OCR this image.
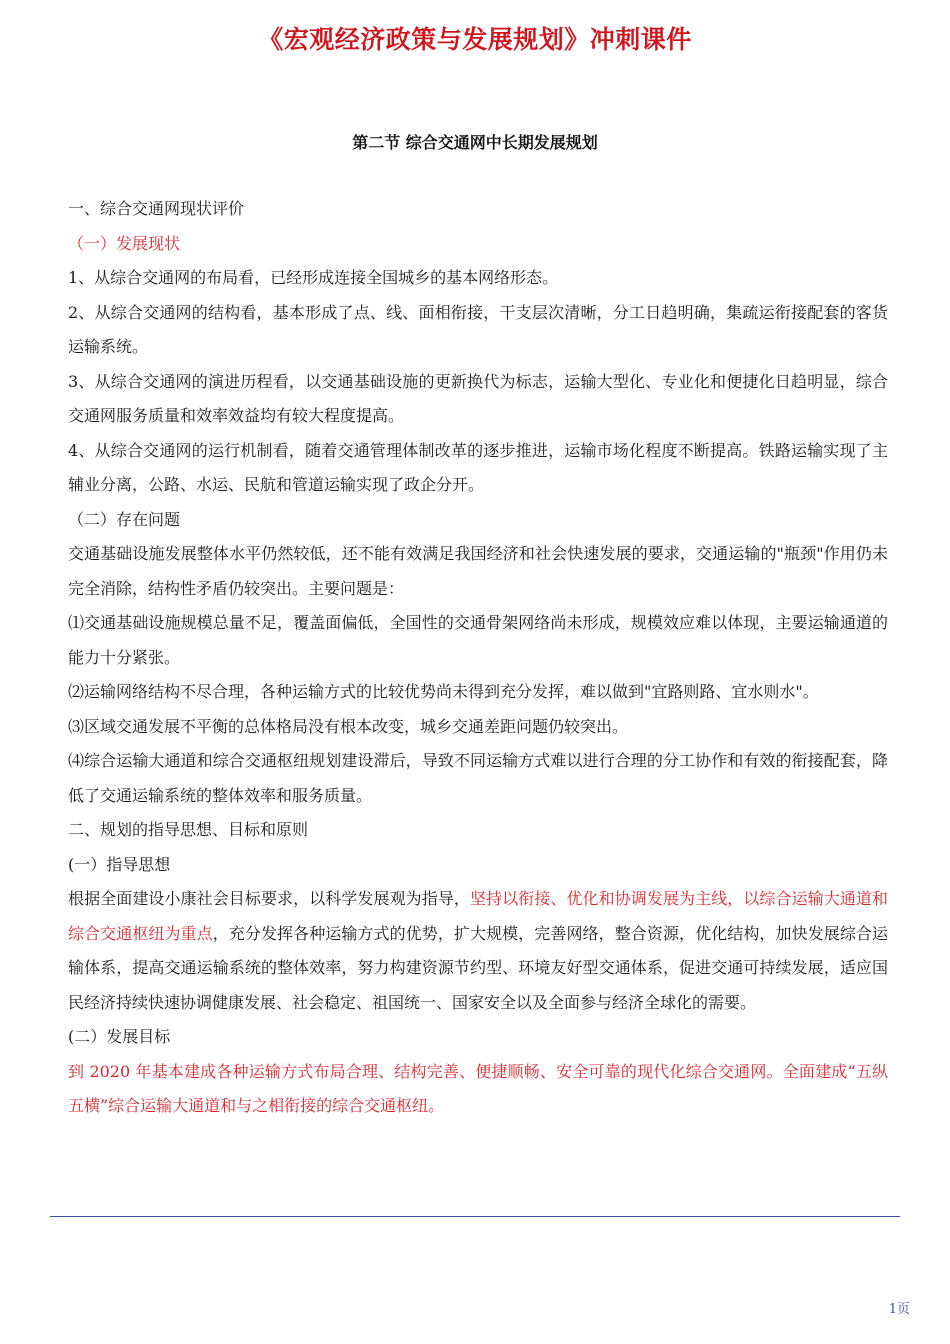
《宏观经济政策与发展规划》冲刺课件
第二节 综合交通网中长期发展规划

一、综合交通网现状评价

（一）发展现状

1、从综合交通网的布局看，已经形成连接全国城乡的基本网络形态。

2、从综合交通网的结构看，基本形成了点、线、面相衔接，干支层次清晰，分工日趋明确，集疏运衔接配套的客货运输系统。

3、从综合交通网的演进历程看，以交通基础设施的更新换代为标志，运输大型化、专业化和便捷化日趋明显，综合交通网服务质量和效率效益均有较大程度提高。

4、从综合交通网的运行机制看，随着交通管理体制改革的逐步推进，运输市场化程度不断提高。铁路运输实现了主辅业分离，公路、水运、民航和管道运输实现了政企分开。

（二）存在问题

交通基础设施发展整体水平仍然较低，还不能有效满足我国经济和社会快速发展的要求，交通运输的"瓶颈"作用仍未完全消除，结构性矛盾仍较突出。主要问题是：

⑴交通基础设施规模总量不足，覆盖面偏低，全国性的交通骨架网络尚未形成，规模效应难以体现，主要运输通道的能力十分紧张。

⑵运输网络结构不尽合理，各种运输方式的比较优势尚未得到充分发挥，难以做到"宜路则路、宜水则水"。

⑶区域交通发展不平衡的总体格局没有根本改变，城乡交通差距问题仍较突出。

⑷综合运输大通道和综合交通枢纽规划建设滞后，导致不同运输方式难以进行合理的分工协作和有效的衔接配套，降低了交通运输系统的整体效率和服务质量。

二、规划的指导思想、目标和原则

(一）指导思想

根据全面建设小康社会目标要求，以科学发展观为指导，坚持以衔接、优化和协调发展为主线，以综合运输大通道和综合交通枢纽为重点，充分发挥各种运输方式的优势，扩大规模，完善网络，整合资源，优化结构，加快发展综合运输体系，提高交通运输系统的整体效率，努力构建资源节约型、环境友好型交通体系，促进交通可持续发展，适应国民经济持续快速协调健康发展、社会稳定、祖国统一、国家安全以及全面参与经济全球化的需要。

(二）发展目标

到 2020 年基本建成各种运输方式布局合理、结构完善、便捷顺畅、安全可靠的现代化综合交通网。全面建成“五纵五横”综合运输大通道和与之相衔接的综合交通枢纽。

1页
